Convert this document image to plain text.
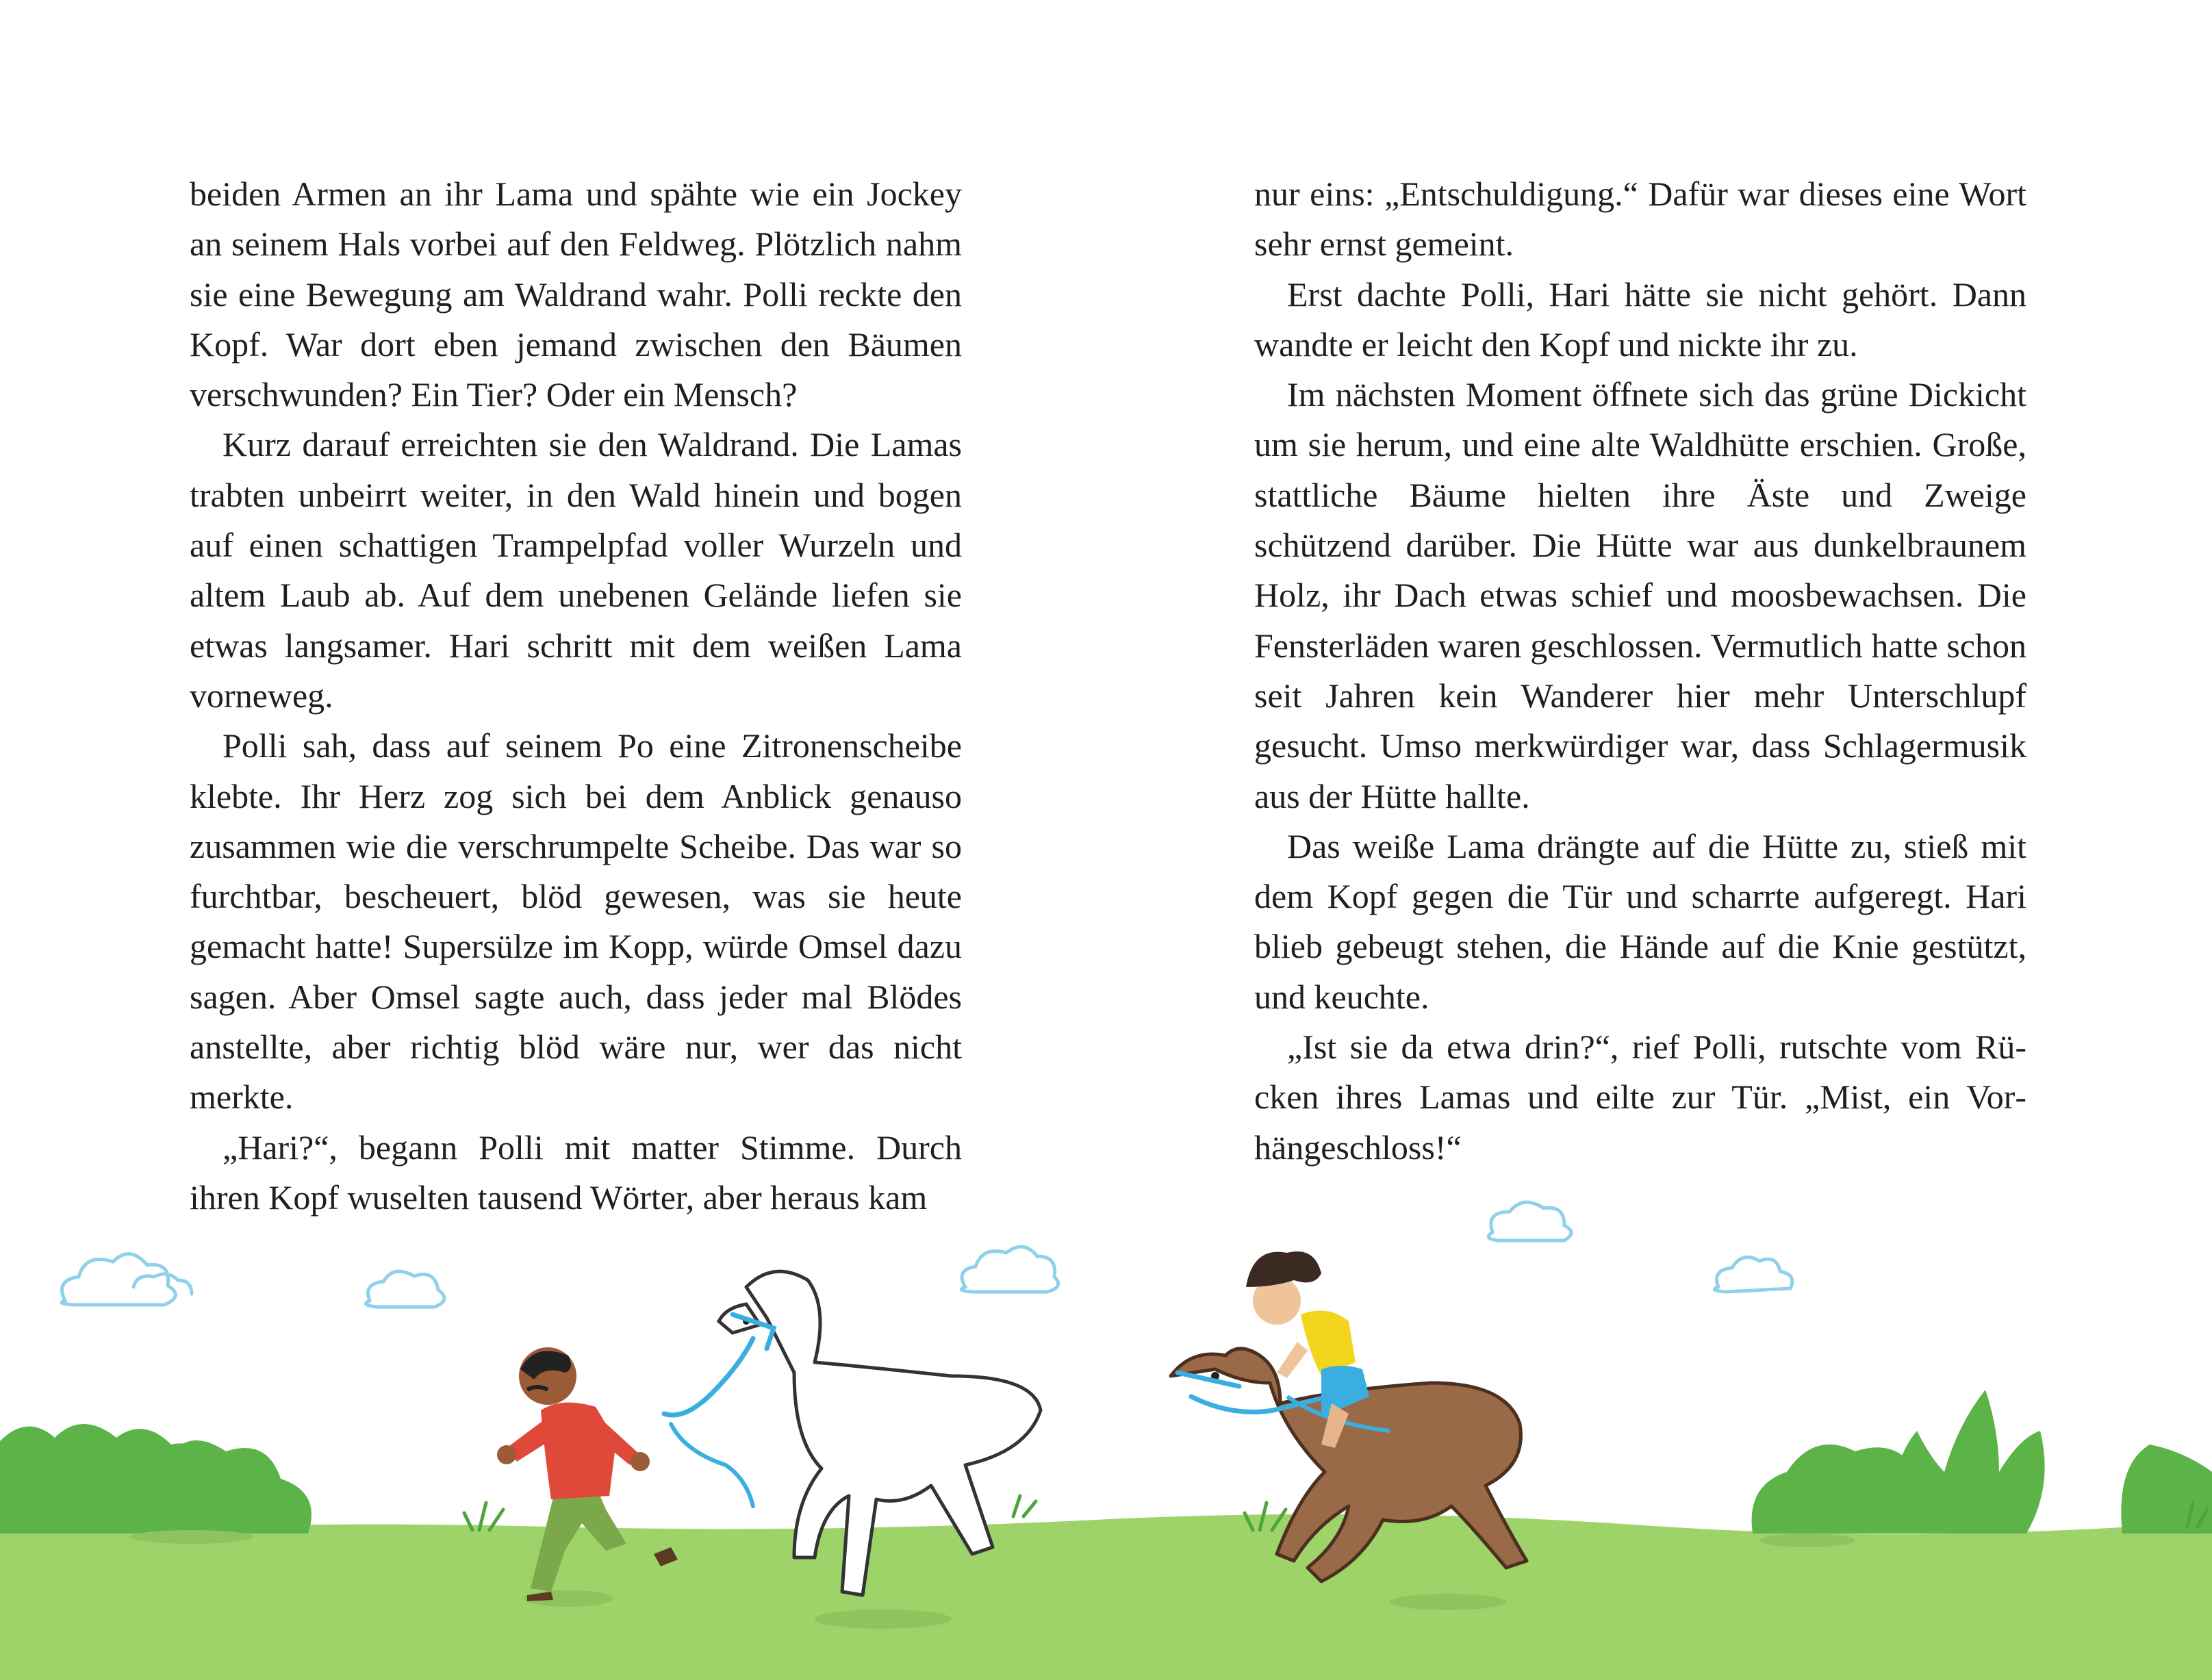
beiden Armen an ihr Lama und spähte wie ein Jockey an seinem Hals vorbei auf den Feldweg. Plötzlich nahm sie eine Bewegung am Waldrand wahr. Polli reckte den Kopf. War dort eben jemand zwischen den Bäumen verschwunden? Ein Tier? Oder ein Mensch?

Kurz darauf erreichten sie den Waldrand. Die Lamas trabten unbeirrt weiter, in den Wald hinein und bogen auf einen schattigen Trampelpfad voller Wurzeln und altem Laub ab. Auf dem unebenen Gelände liefen sie etwas langsamer. Hari schritt mit dem weißen Lama vorneweg.

Polli sah, dass auf seinem Po eine Zitronenscheibe klebte. Ihr Herz zog sich bei dem Anblick genauso zusammen wie die verschrumpelte Scheibe. Das war so furchtbar, bescheuert, blöd gewesen, was sie heute gemacht hatte! Supersülze im Kopp, würde Omsel dazu sagen. Aber Omsel sagte auch, dass jeder mal Blödes anstellte, aber richtig blöd wäre nur, wer das nicht merkte.

„Hari?“, begann Polli mit matter Stimme. Durch ihren Kopf wuselten tausend Wörter, aber heraus kam

nur eins: „Entschuldigung.“ Dafür war dieses eine Wort sehr ernst gemeint.

Erst dachte Polli, Hari hätte sie nicht gehört. Dann wandte er leicht den Kopf und nickte ihr zu.

Im nächsten Moment öffnete sich das grüne Dickicht um sie herum, und eine alte Waldhütte erschien. Große, stattliche Bäume hielten ihre Äste und Zweige schützend darüber. Die Hütte war aus dunkelbraunem Holz, ihr Dach etwas schief und moosbewachsen. Die Fensterläden waren geschlossen. Vermutlich hatte schon seit Jahren kein Wanderer hier mehr Unterschlupf gesucht. Umso merkwürdiger war, dass Schlagermusik aus der Hütte hallte.

Das weiße Lama drängte auf die Hütte zu, stieß mit dem Kopf gegen die Tür und scharrte aufgeregt. Hari blieb gebeugt stehen, die Hände auf die Knie gestützt, und keuchte.

„Ist sie da etwa drin?“, rief Polli, rutschte vom Rücken ihres Lamas und eilte zur Tür. „Mist, ein Vorhängeschloss!“
